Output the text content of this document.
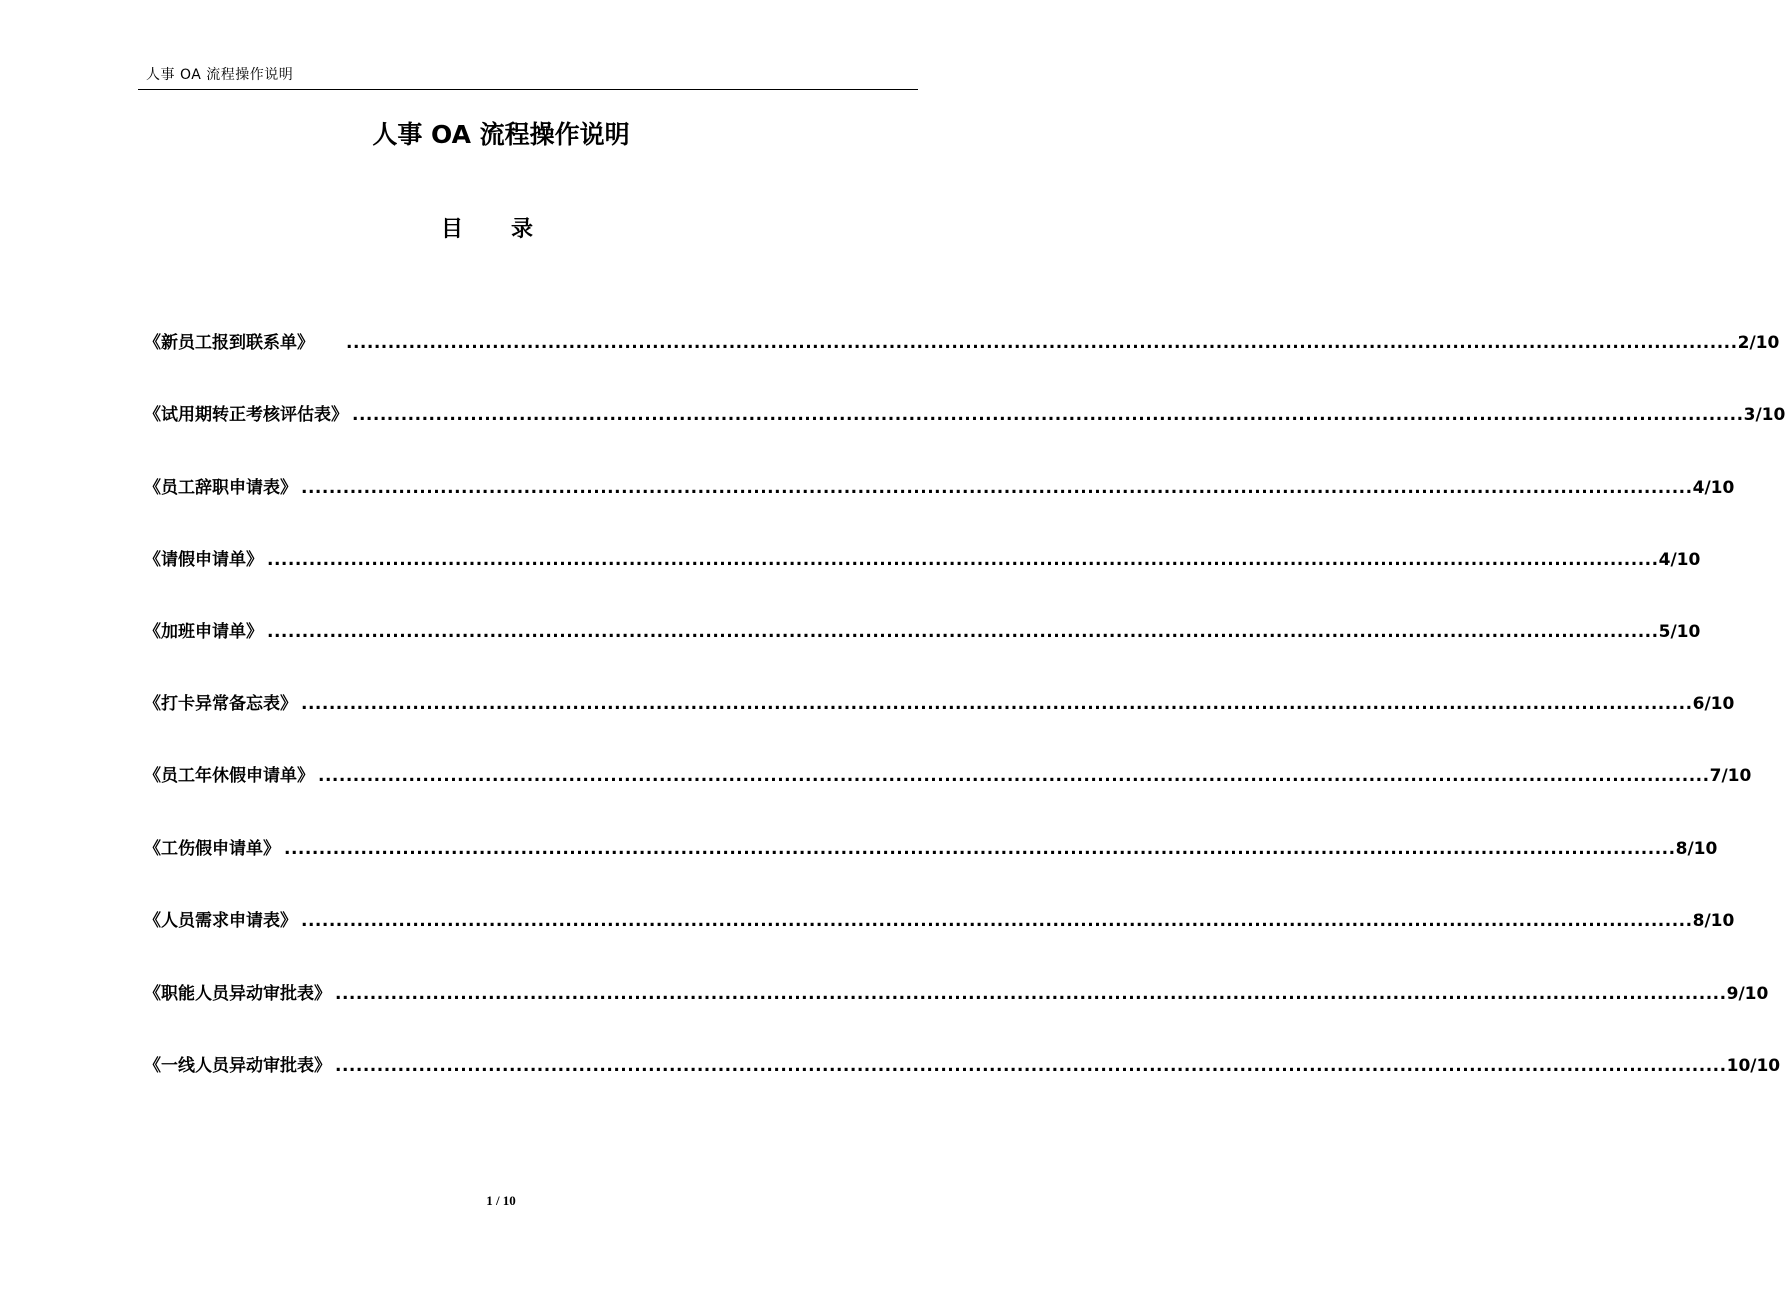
人事 OA 流程操作说明
人事 OA 流程操作说明
目录
《新员工报到联系单》	........................................................................................................................................................................................................ 2/10
《试用期转正考核评估表》 ........................................................................................................................................................................................................ 3/10
《员工辞职申请表》 ........................................................................................................................................................................................................ 4/10
《请假申请单》 ........................................................................................................................................................................................................ 4/10
《加班申请单》 ........................................................................................................................................................................................................ 5/10
《打卡异常备忘表》 ........................................................................................................................................................................................................ 6/10
《员工年休假申请单》 ........................................................................................................................................................................................................ 7/10
《工伤假申请单》 ........................................................................................................................................................................................................ 8/10
《人员需求申请表》 ........................................................................................................................................................................................................ 8/10
《职能人员异动审批表》 ........................................................................................................................................................................................................ 9/10
《一线人员异动审批表》 ........................................................................................................................................................................................................ 10/10
1 / 10
